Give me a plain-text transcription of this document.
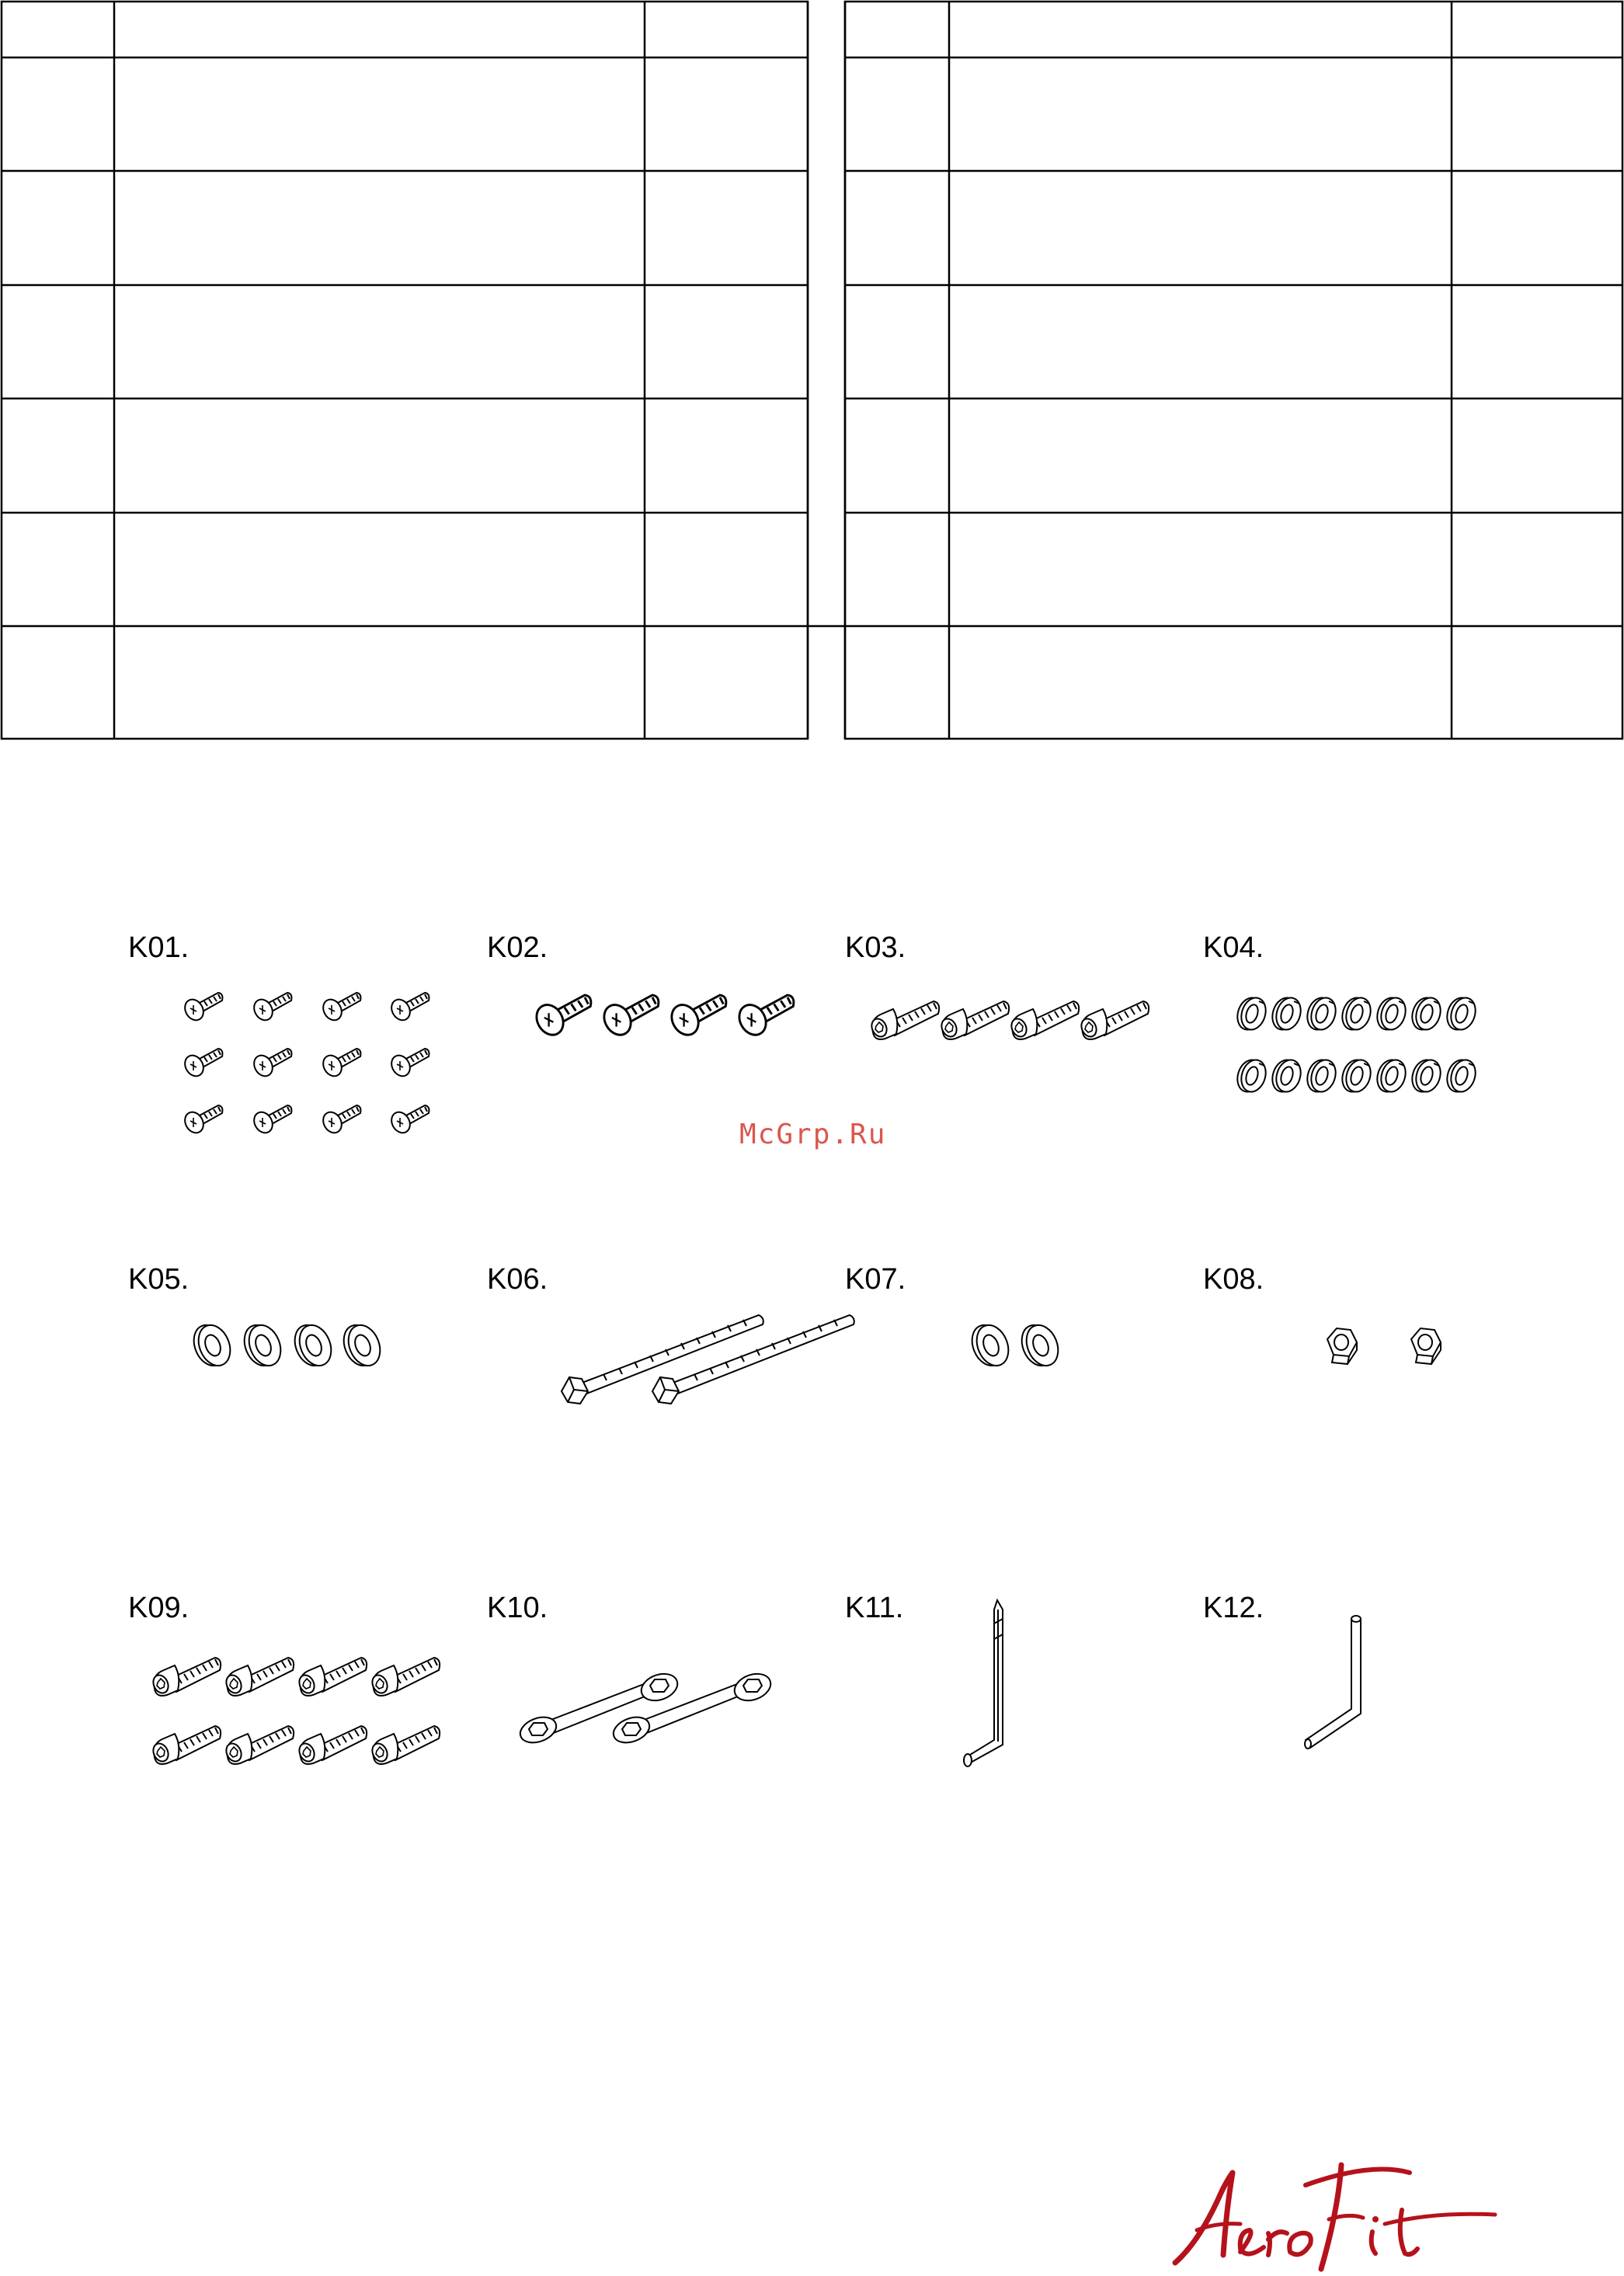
K01.	K02.	K03.	K04.
K05.	K06.	K07.	K08.
K09.	K10.	K11.	K12.
McGrp.Ru
